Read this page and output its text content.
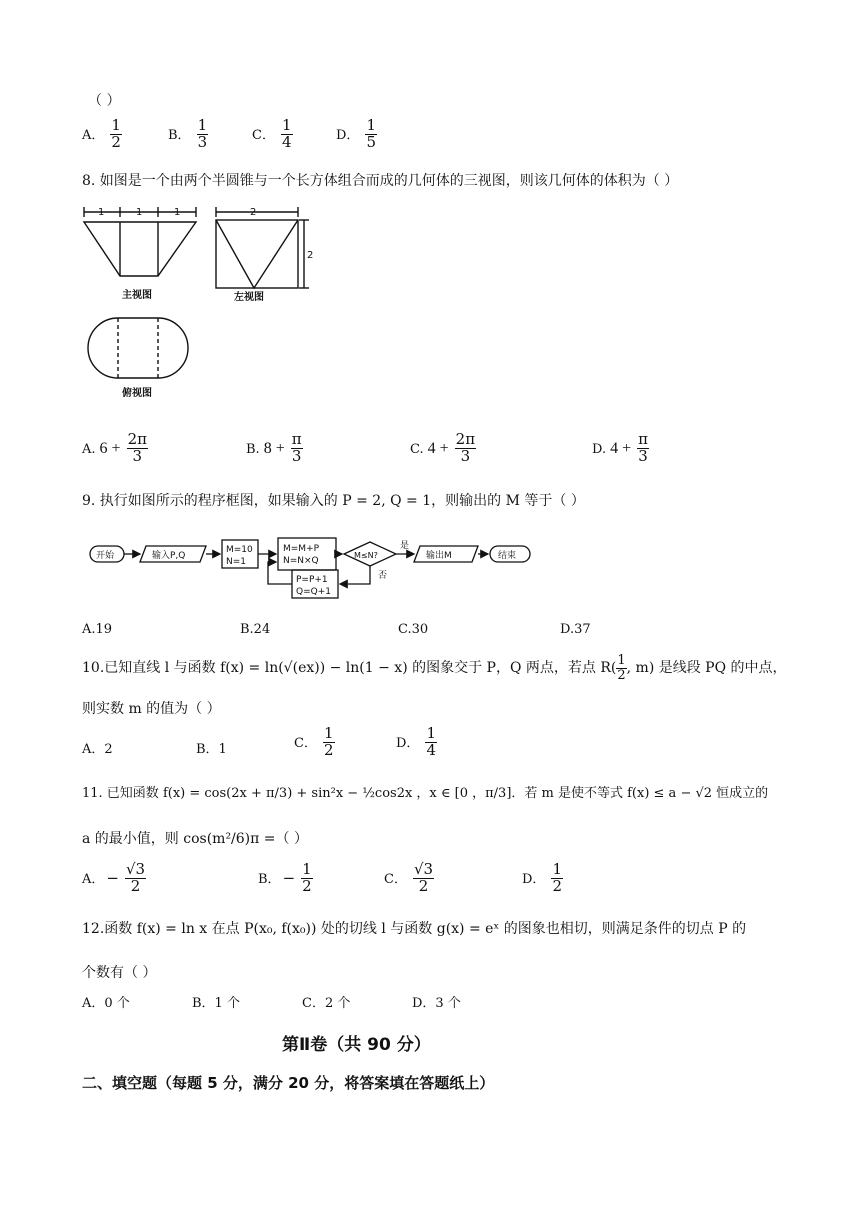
（ ）
A． $\frac{1}{2}$	B． $\frac{1}{3}$	C． $\frac{1}{4}$	D． $\frac{1}{5}$
8. 如图是一个由两个半圆锥与一个长方体组合而成的几何体的三视图，则该几何体的体积为（ ）
1	1	1	2
2
主视图	左视图
俯视图
A. $6 + \frac{2\pi}{3}$	B. $8 + \frac{\pi}{3}$	C. $4 + \frac{2\pi}{3}$	D. $4 + \frac{\pi}{3}$
9. 执行如图所示的程序框图，如果输入的 P = 2, Q = 1，则输出的 M 等于（ ）
开始	输入P,Q
M=10
N=1
M=M+P
N=N×Q
M≤N?
是
否
输出M	结束
P=P+1
Q=Q+1
A.19	B.24	C.30	D.37
10.已知直线 l 与函数 f(x) = ln(√(ex)) − ln(1 − x) 的图象交于 P，Q 两点，若点 $R( \frac{1}{2}$ , m) 是线段 PQ 的中点，
则实数 m 的值为（ ）
A．2	B．1	C． $\frac{1}{2}$	D． $\frac{1}{4}$
11. 已知函数 f(x) = cos(2x + π/3) + sin²x − ½cos2x ，x ∈ [0 ，π/3]．若 m 是使不等式 f(x) ≤ a − √2 恒成立的
a 的最小值，则 cos(m²/6)π =（ ）
A． − $\frac{√3}{2}$	B． − $\frac{1}{2}$	C． $\frac{√3}{2}$	D． $\frac{1}{2}$
12.函数 f(x) = ln x 在点 P(x₀, f(x₀)) 处的切线 l 与函数 g(x) = eˣ 的图象也相切，则满足条件的切点 P 的
个数有（ ）
A．0 个	B．1 个	C．2 个	D．3 个
第Ⅱ卷（共 90 分）
二、填空题（每题 5 分，满分 20 分，将答案填在答题纸上）
